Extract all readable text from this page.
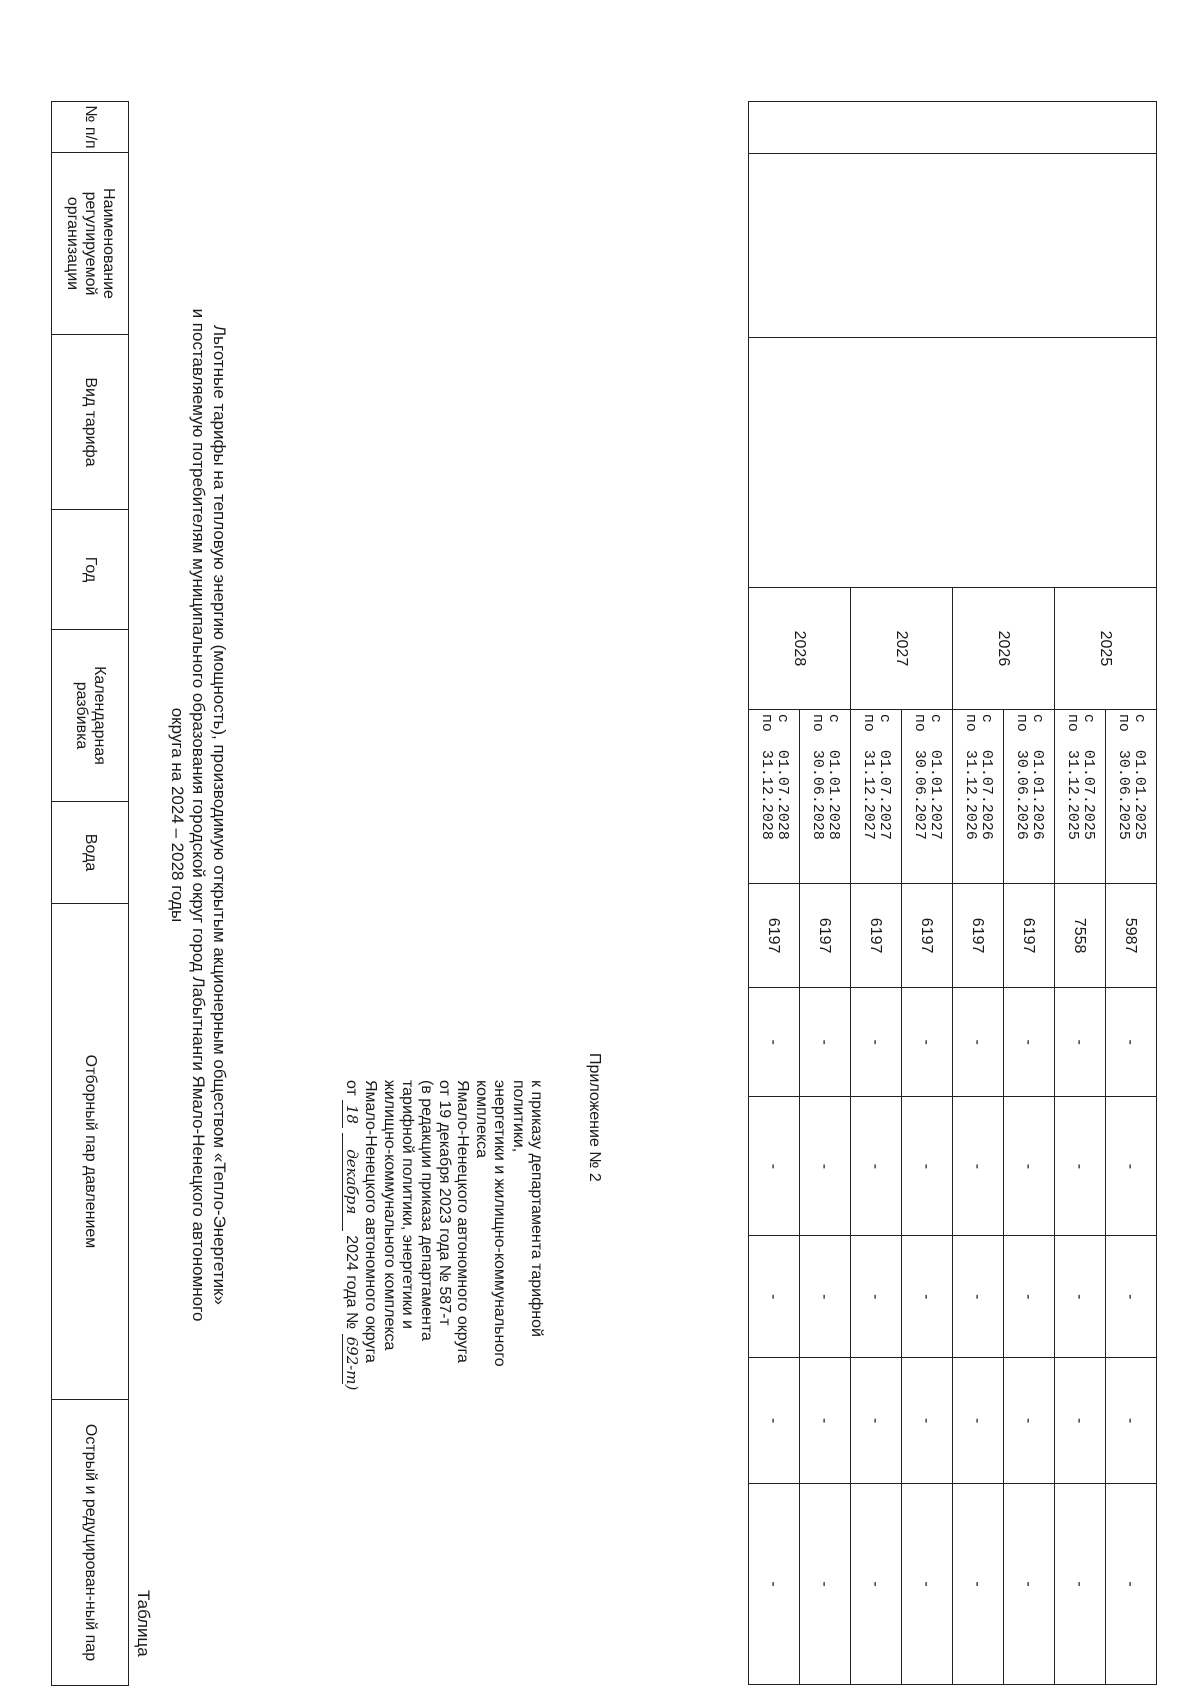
Таблица
Льготные тарифы на тепловую энергию (мощность), производимую открытым акционерным обществом «Тепло-Энергетик»
и поставляемую потребителям муниципального образования городской округ город Лабытнанги Ямало-Ненецкого автономного
округа на 2024 – 2028 годы
№ п/п	Наименование регулируемой организации	Вид тарифа	Год	Календарная разбивка	Вода	Отборный пар давлением	Острый и редуцирован-ный пар
Приложение № 2
к приказу департамента тарифной
политики,
энергетики и жилищно-коммунального
комплекса
Ямало-Ненецкого автономного округа
от 19 декабря 2023 года № 587-т
(в редакции приказа департамента
тарифной политики, энергетики и
жилищно-коммунального комплекса
Ямало-Ненецкого автономного округа
от 18 декабря 2024 года № 692-т)
			2025	с   01.01.2025
по  30.06.2025	5987	-	-	-	-	-
				с   01.07.2025
по  31.12.2025	7558	-	-	-	-	-
			2026	с   01.01.2026
по  30.06.2026	6197	-	-	-	-	-
				с   01.07.2026
по  31.12.2026	6197	-	-	-	-	-
			2027	с   01.01.2027
по  30.06.2027	6197	-	-	-	-	-
				с   01.07.2027
по  31.12.2027	6197	-	-	-	-	-
			2028	с   01.01.2028
по  30.06.2028	6197	-	-	-	-	-
				с   01.07.2028
по  31.12.2028	6197	-	-	-	-	-
